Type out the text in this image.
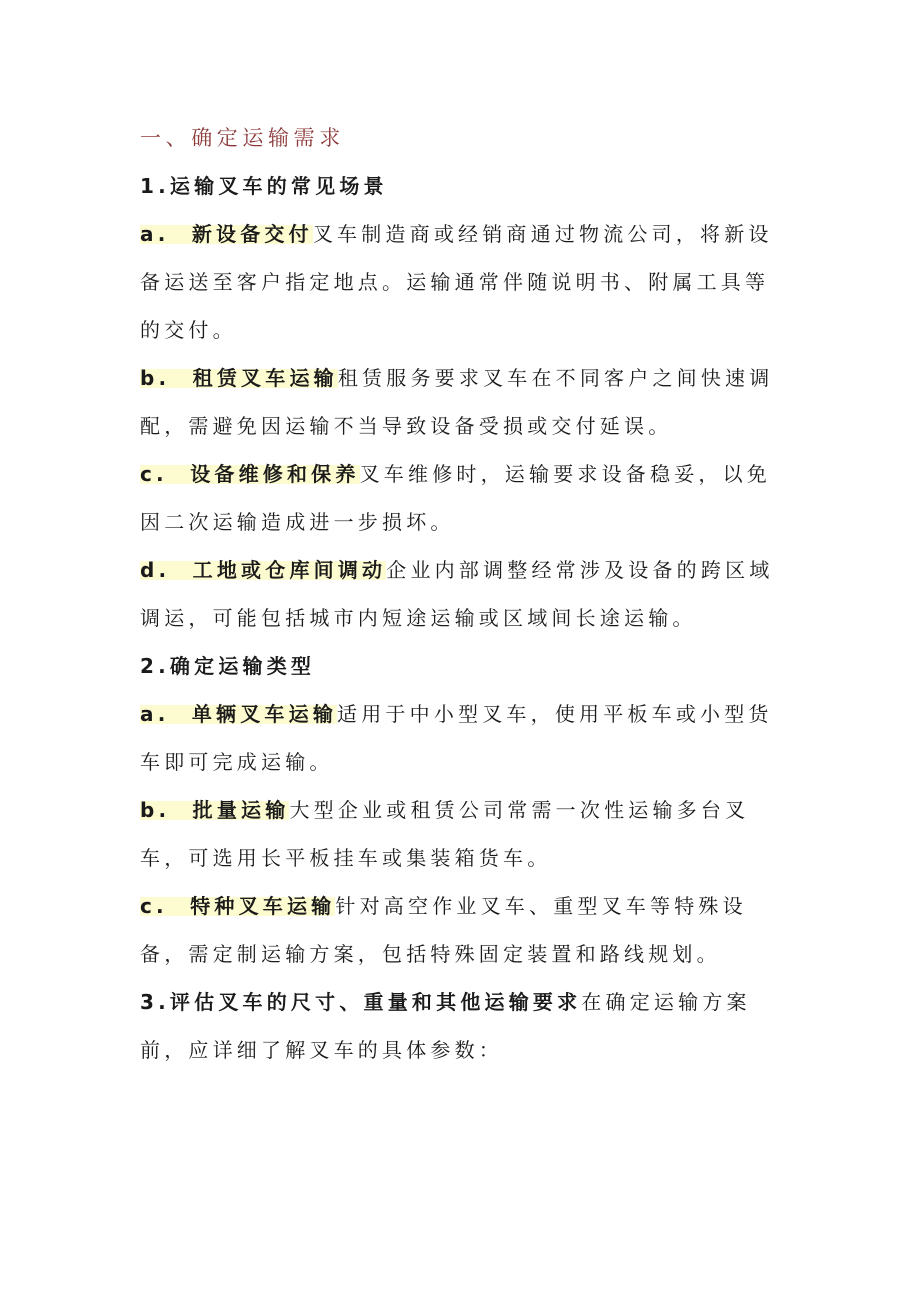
一、确定运输需求

1.运输叉车的常见场景

a. 新设备交付叉车制造商或经销商通过物流公司，将新设备运送至客户指定地点。运输通常伴随说明书、附属工具等的交付。

b. 租赁叉车运输租赁服务要求叉车在不同客户之间快速调配，需避免因运输不当导致设备受损或交付延误。

c. 设备维修和保养叉车维修时，运输要求设备稳妥，以免因二次运输造成进一步损坏。

d. 工地或仓库间调动企业内部调整经常涉及设备的跨区域调运，可能包括城市内短途运输或区域间长途运输。

2.确定运输类型

a. 单辆叉车运输适用于中小型叉车，使用平板车或小型货车即可完成运输。

b. 批量运输大型企业或租赁公司常需一次性运输多台叉车，可选用长平板挂车或集装箱货车。

c. 特种叉车运输针对高空作业叉车、重型叉车等特殊设备，需定制运输方案，包括特殊固定装置和路线规划。

3.评估叉车的尺寸、重量和其他运输要求在确定运输方案前，应详细了解叉车的具体参数：
